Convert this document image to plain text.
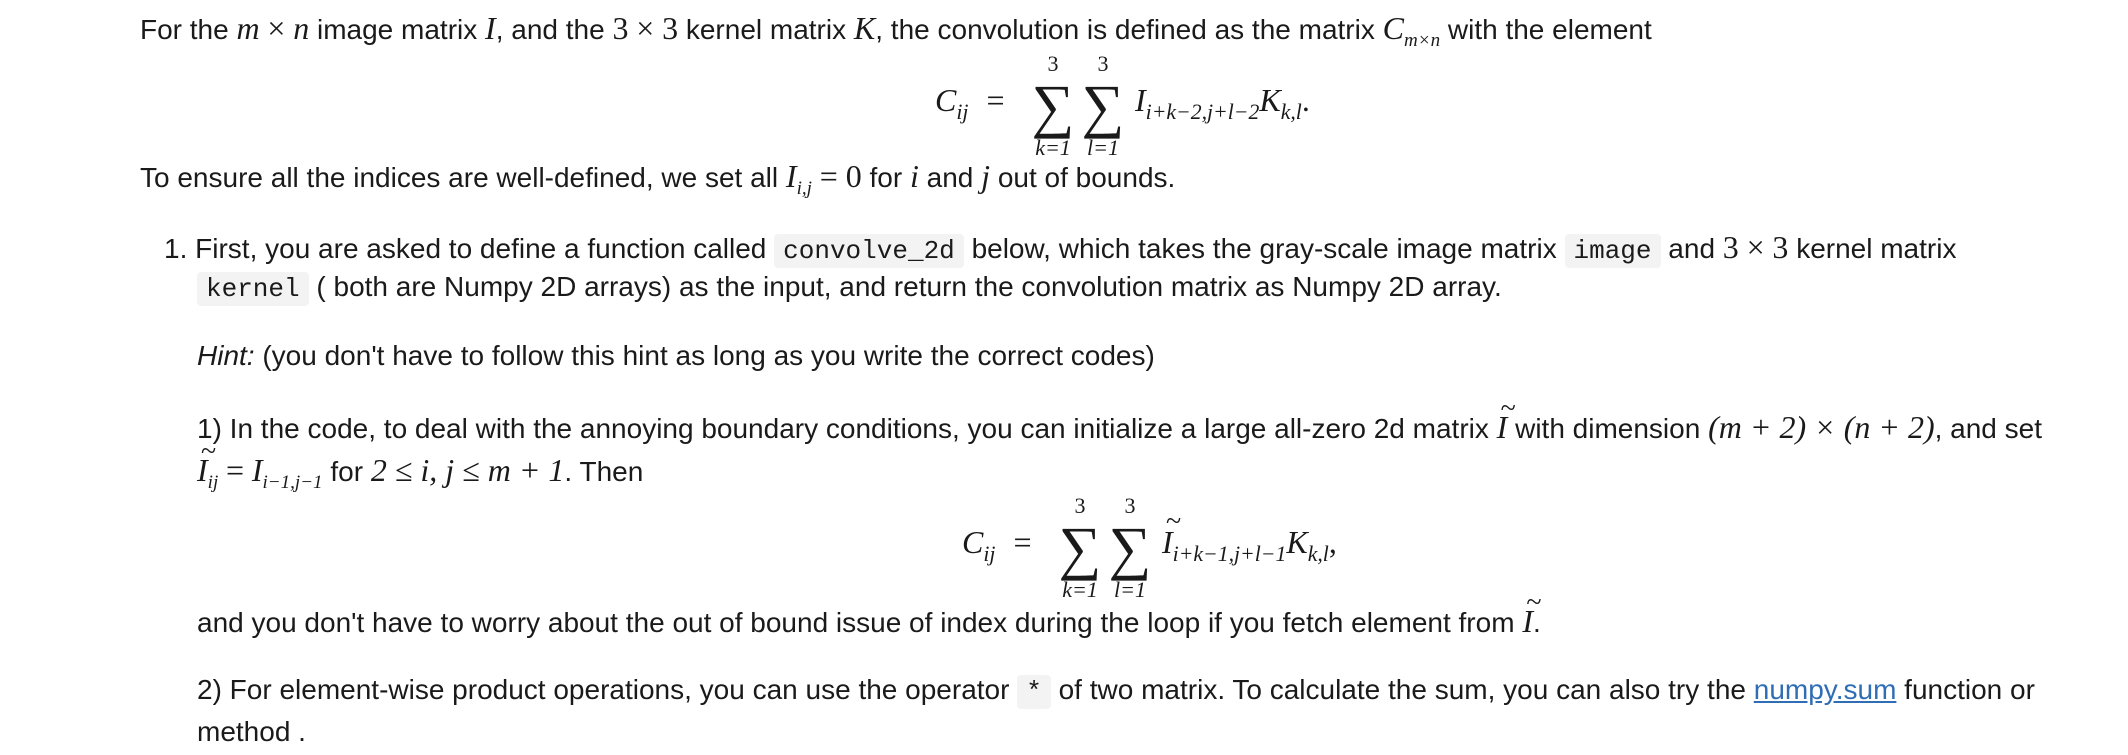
For the m × n image matrix I, and the 3 × 3 kernel matrix K, the convolution is defined as the matrix $C_{m\times n}$ with the element
$C_{ij}$ =
3
∑
k=1
3
∑
l=1
$I_{i+k-2,j+l-2}K_{k,l}$.
To ensure all the indices are well-defined, we set all $I_{i,j} = 0$ for i and j out of bounds.
1. First, you are asked to define a function called convolve_2d below, which takes the gray-scale image matrix image and 3 × 3 kernel matrix
kernel ( both are Numpy 2D arrays) as the input, and return the convolution matrix as Numpy 2D array.
Hint: (you don't have to follow this hint as long as you write the correct codes)
1) In the code, to deal with the annoying boundary conditions, you can initialize a large all-zero 2d matrix ~ I with dimension (m + 2) × (n + 2), and set
~ $I_{ij} = I_{i-1,j-1}$ for 2 ≤ i, j ≤ m + 1. Then
$C_{ij}$ =
3
∑
k=1
3
∑
l=1
~ $I_{i+k-1,j+l-1}K_{k,l}$,
and you don't have to worry about the out of bound issue of index during the loop if you fetch element from ~ I.
2) For element-wise product operations, you can use the operator * of two matrix. To calculate the sum, you can also try the numpy.sum function or
method .
